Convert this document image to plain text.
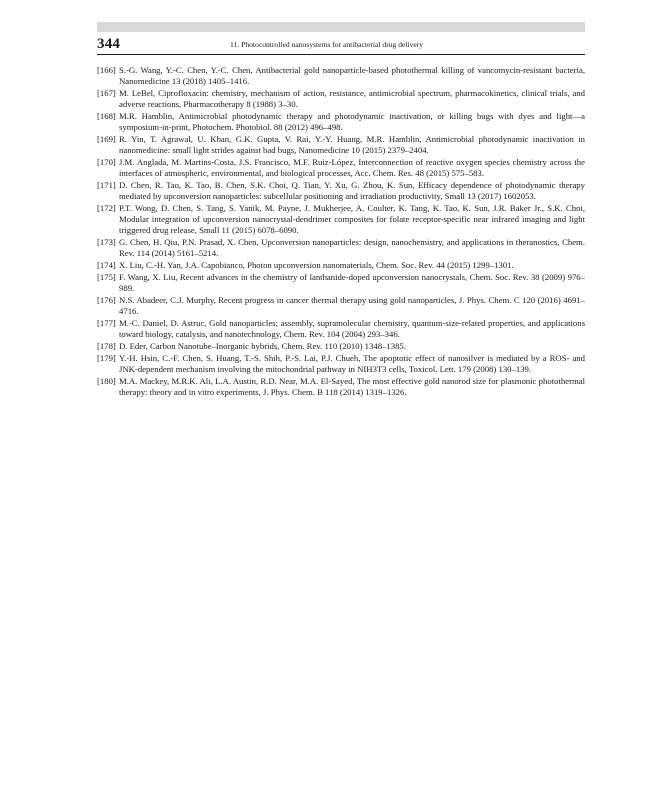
344	11. Photocontrolled nanosystems for antibacterial drug delivery
[166] S.-G. Wang, Y.-C. Chen, Y.-C. Chen, Antibacterial gold nanoparticle-based photothermal killing of vancomycin-resistant bacteria, Nanomedicine 13 (2018) 1405–1416.
[167] M. LeBel, Ciprofloxacin: chemistry, mechanism of action, resistance, antimicrobial spectrum, pharmacokinetics, clinical trials, and adverse reactions, Pharmacotherapy 8 (1988) 3–30.
[168] M.R. Hamblin, Antimicrobial photodynamic therapy and photodynamic inactivation, or killing bugs with dyes and light—a symposium-in-print, Photochem. Photobiol. 88 (2012) 496–498.
[169] R. Yin, T. Agrawal, U. Khan, G.K. Gupta, V. Rai, Y.-Y. Huang, M.R. Hamblin, Antimicrobial photodynamic inactivation in nanomedicine: small light strides against bad bugs, Nanomedicine 10 (2015) 2379–2404.
[170] J.M. Anglada, M. Martins-Costa, J.S. Francisco, M.F. Ruiz-López, Interconnection of reactive oxygen species chemistry across the interfaces of atmospheric, environmental, and biological processes, Acc. Chem. Res. 48 (2015) 575–583.
[171] D. Chen, R. Tao, K. Tao, B. Chen, S.K. Choi, Q. Tian, Y. Xu, G. Zhou, K. Sun, Efficacy dependence of photodynamic therapy mediated by upconversion nanoparticles: subcellular positioning and irradiation productivity, Small 13 (2017) 1602053.
[172] P.T. Wong, D. Chen, S. Tang, S. Yanik, M. Payne, J. Mukherjee, A. Coulter, K. Tang, K. Tao, K. Sun, J.R. Baker Jr., S.K. Choi, Modular integration of upconversion nanocrystal-dendrimer composites for folate receptor-specific near infrared imaging and light triggered drug release, Small 11 (2015) 6078–6090.
[173] G. Chen, H. Qiu, P.N. Prasad, X. Chen, Upconversion nanoparticles: design, nanochemistry, and applications in theranostics, Chem. Rev. 114 (2014) 5161–5214.
[174] X. Liu, C.-H. Yan, J.A. Capobianco, Photon upconversion nanomaterials, Chem. Soc. Rev. 44 (2015) 1299–1301.
[175] F. Wang, X. Liu, Recent advances in the chemistry of lanthanide-doped upconversion nanocrystals, Chem. Soc. Rev. 38 (2009) 976–989.
[176] N.S. Abadeer, C.J. Murphy, Recent progress in cancer thermal therapy using gold nanoparticles, J. Phys. Chem. C 120 (2016) 4691–4716.
[177] M.-C. Daniel, D. Astruc, Gold nanoparticles; assembly, supramolecular chemistry, quantum-size-related properties, and applications toward biology, catalysis, and nanotechnology, Chem. Rev. 104 (2004) 293–346.
[178] D. Eder, Carbon Nanotube–Inorganic hybrids, Chem. Rev. 110 (2010) 1348–1385.
[179] Y.-H. Hsin, C.-F. Chen, S. Huang, T.-S. Shih, P.-S. Lai, P.J. Chueh, The apoptotic effect of nanosilver is mediated by a ROS- and JNK-dependent mechanism involving the mitochondrial pathway in NIH3T3 cells, Toxicol. Lett. 179 (2008) 130–139.
[180] M.A. Mackey, M.R.K. Ali, L.A. Austin, R.D. Near, M.A. El-Sayed, The most effective gold nanorod size for plasmonic photothermal therapy: theory and in vitro experiments, J. Phys. Chem. B 118 (2014) 1319–1326.
